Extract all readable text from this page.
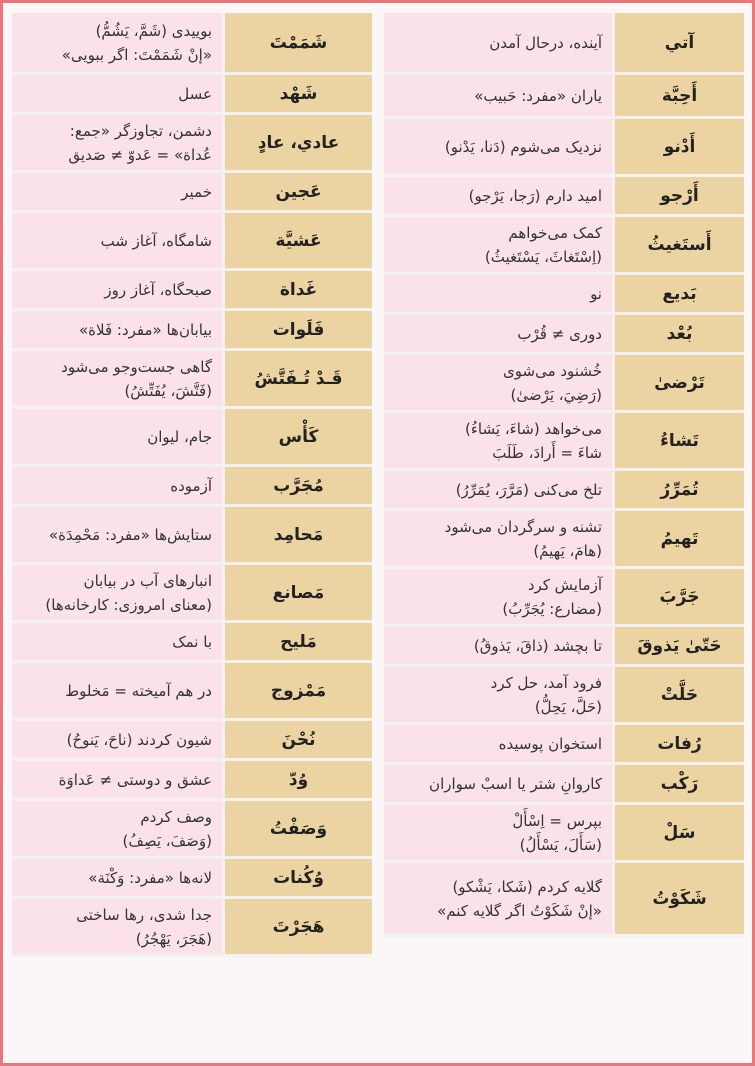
آتي
آینده، درحال آمدن
أَحِبَّة
یاران «مفرد: حَبیب»
أَدْنو
نزدیک می‌شوم (دَنا، یَدْنو)
أَرْجو
امید دارم (رَجا، یَرْجو)
أَستَغيثُ
کمک می‌خواهم
(اِسْتَغاثَ، یَسْتَغیثُ)
بَديع
نو
بُعْد
دوری ≠ قُرْب
تَرْضىٰ
خُشنود می‌شوی
(رَضِيَ، یَرْضیٰ)
تَشاءُ
می‌خواهد (شاءَ، یَشاءُ)
شاءَ = أَرادَ، طَلَبَ
تُمَرِّرُ
تلخ می‌کنی (مَرَّرَ، یُمَرِّرُ)
تَهيمُ
تشنه و سرگردان می‌شود
(هامَ، یَهیمُ)
جَرَّبَ
آزمایش کرد
(مضارع: یُجَرِّبُ)
حَتّیٰ یَذوقَ
تا بچشد (ذاقَ، یَذوقُ)
حَلَّتْ
فرود آمد، حل کرد
(حَلَّ، یَحِلُّ)
رُفات
استخوان پوسیده
رَكْب
کاروانِ شتر یا اسبْ سواران
سَلْ
بپرس = اِسْأَلْ
(سَأَلَ، یَسْأَلُ)
شَكَوْتُ
گلایه کردم (شَکا، یَشْکو)
«إنْ شَکَوْتُ اگر گلایه کنم»
شَمَمْتَ
بوییدی (شَمَّ، یَشُمُّ)
«إنْ شَمَمْتَ: اگر ببویی»
شَهْد
عسل
عادي، عادٍ
دشمن، تجاوزگر «جمع:
عُداة» = عَدوّ ≠ صَدیق
عَجين
خمیر
عَشيَّة
شامگاه، آغاز شب
غَداة
صبحگاه، آغاز روز
فَلَوات
بیابان‌ها «مفرد: فَلاة»
قَـدْ تُـفَتَّشُ
گاهی جست‌وجو می‌شود
(فَتَّشَ، یُفَتِّشُ)
كَأْس
جام، لیوان
مُجَرَّب
آزموده
مَحامِد
ستایش‌ها «مفرد: مَحْمِدَة»
مَصانع
انبارهای آب در بیابان
(معنای امروزی: کارخانه‌ها)
مَليح
با نمک
مَمْزوج
در هم آمیخته = مَخلوط
نُحْنَ
شیون کردند (ناحَ، یَنوحُ)
وُدّ
عشق و دوستی ≠ عَداوَة
وَصَفْتُ
وصف کردم
(وَصَفَ، یَصِفُ)
وُكُنات
لانه‌ها «مفرد: وَکْنَة»
هَجَرْتَ
جدا شدی، رها ساختی
(هَجَرَ، یَهْجُرُ)
